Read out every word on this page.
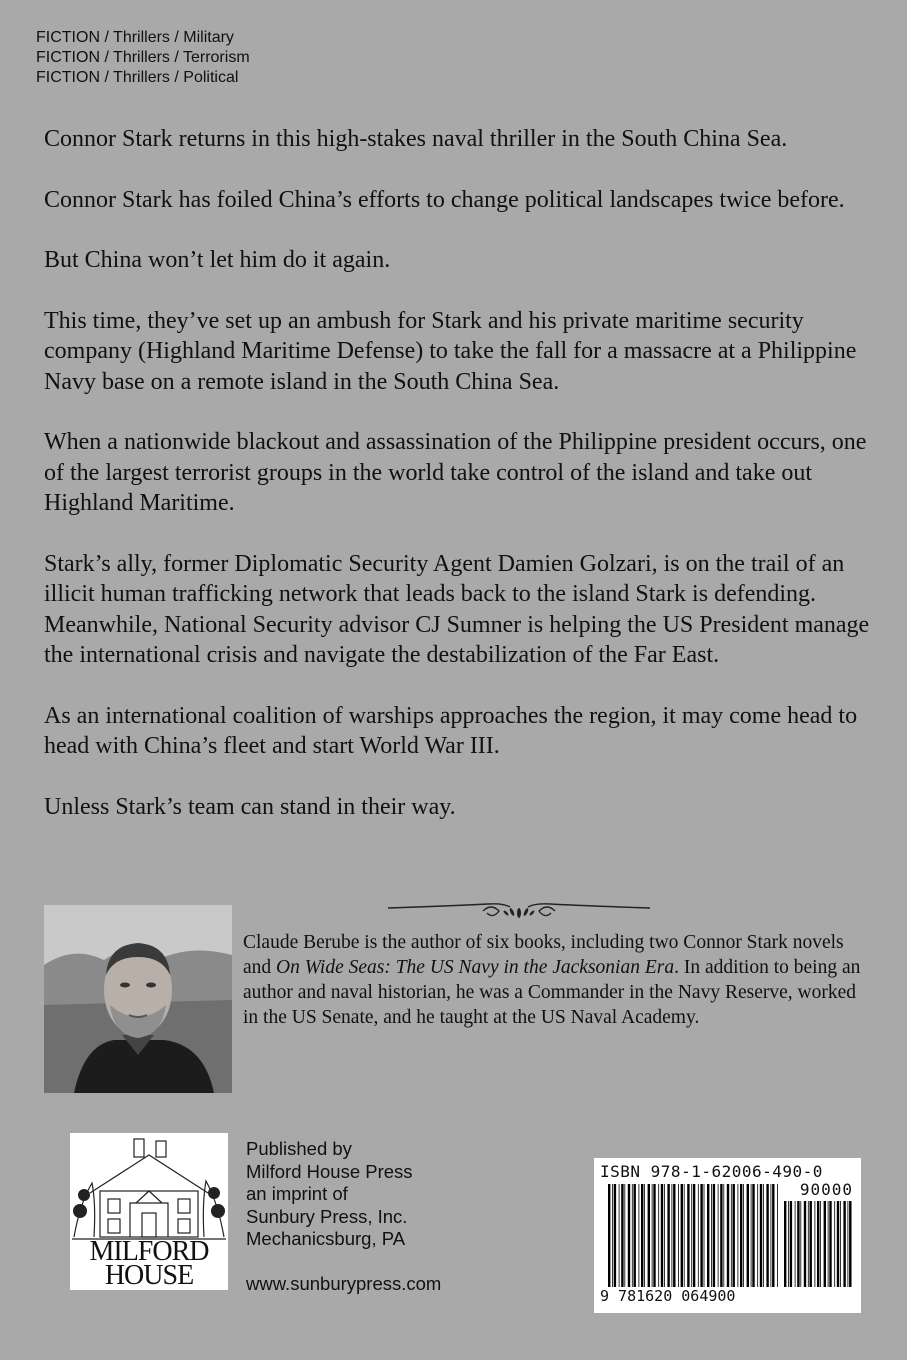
FICTION / Thrillers / Military
FICTION / Thrillers / Terrorism
FICTION / Thrillers / Political

Connor Stark returns in this high-stakes naval thriller in the South China Sea.

Connor Stark has foiled China’s efforts to change political landscapes twice before.

But China won’t let him do it again.

This time, they’ve set up an ambush for Stark and his private maritime security company (Highland Maritime Defense) to take the fall for a massacre at a Philippine Navy base on a remote island in the South China Sea.

When a nationwide blackout and assassination of the Philippine president occurs, one of the largest terrorist groups in the world take control of the island and take out Highland Maritime.

Stark’s ally, former Diplomatic Security Agent Damien Golzari, is on the trail of an illicit human trafficking network that leads back to the island Stark is defending. Meanwhile, National Security advisor CJ Sumner is helping the US President manage the international crisis and navigate the destabilization of the Far East.

As an international coalition of warships approaches the region, it may come head to head with China’s fleet and start World War III.

Unless Stark’s team can stand in their way.

Claude Berube is the author of six books, including two Connor Stark novels and On Wide Seas: The US Navy in the Jacksonian Era. In addition to being an author and naval historian, he was a Commander in the Navy Reserve, worked in the US Senate, and he taught at the US Naval Academy.
MILFORD
HOUSE
Published by
Milford House Press
an imprint of
Sunbury Press, Inc.
Mechanicsburg, PA
www.sunburypress.com
ISBN 978-1-62006-490-0
90000
9 781620 064900
